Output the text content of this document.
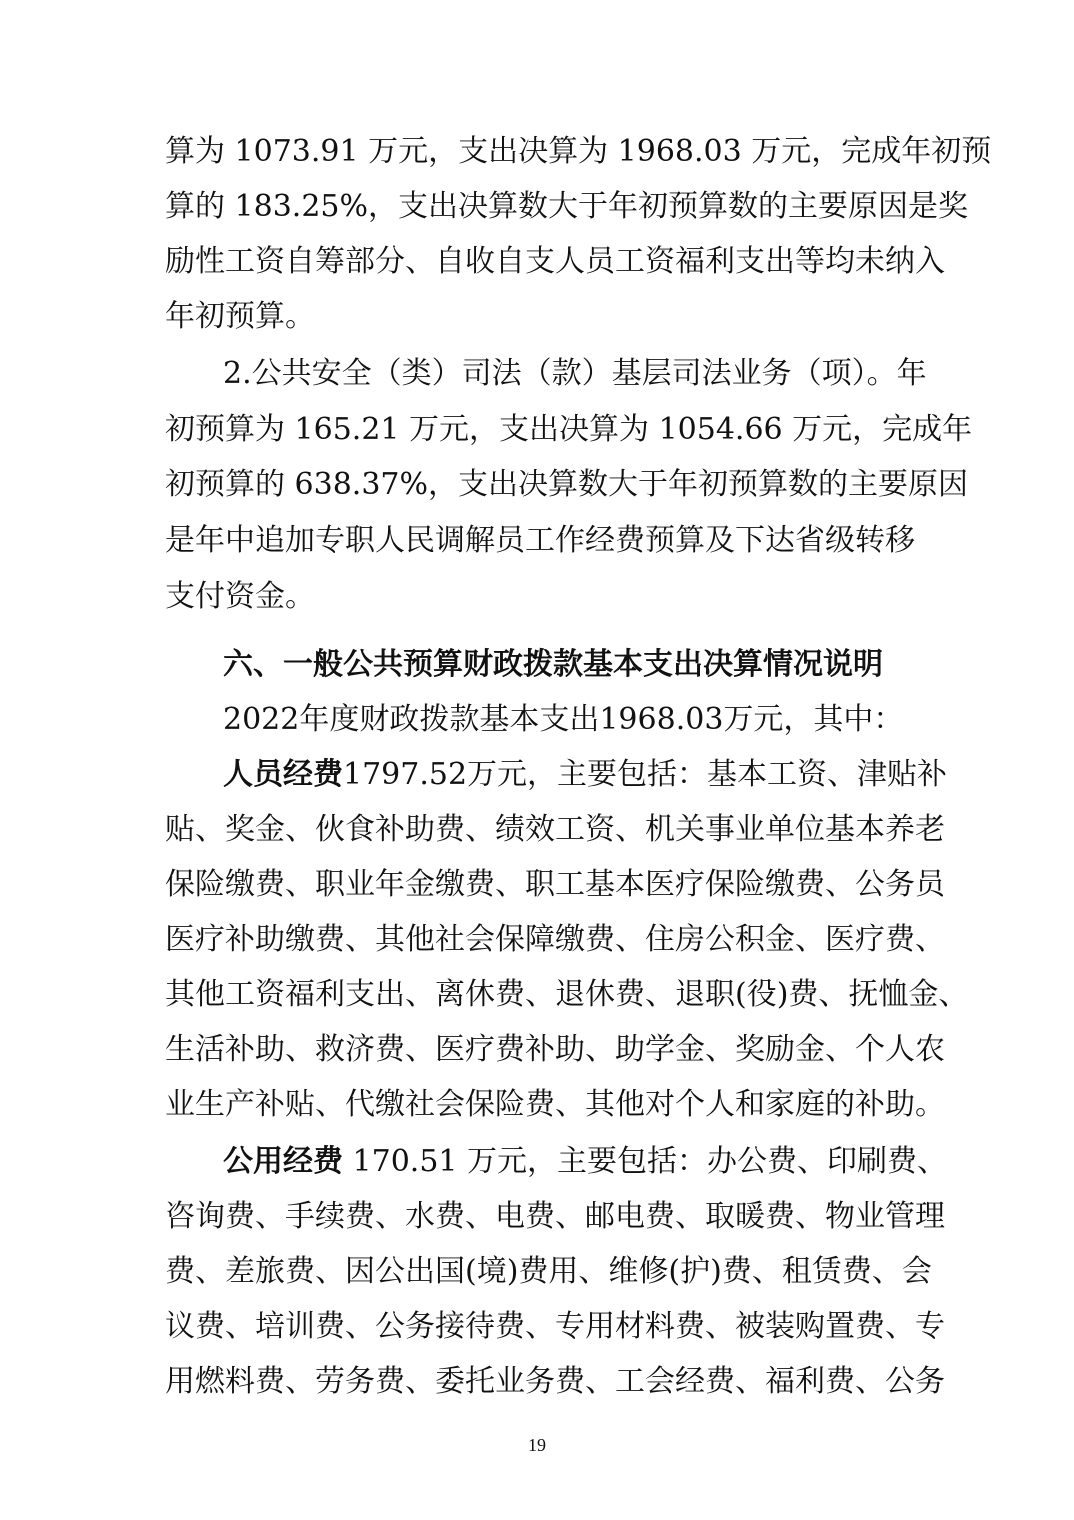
算为 1073.91 万元，支出决算为 1968.03 万元，完成年初预

算的 183.25%，支出决算数大于年初预算数的主要原因是奖

励性工资自筹部分、自收自支人员工资福利支出等均未纳入

年初预算。

2.公共安全（类）司法（款）基层司法业务（项）。年

初预算为 165.21 万元，支出决算为 1054.66 万元，完成年

初预算的 638.37%，支出决算数大于年初预算数的主要原因

是年中追加专职人民调解员工作经费预算及下达省级转移

支付资金。

六、一般公共预算财政拨款基本支出决算情况说明

2022年度财政拨款基本支出1968.03万元，其中：

人员经费1797.52万元，主要包括：基本工资、津贴补

贴、奖金、伙食补助费、绩效工资、机关事业单位基本养老

保险缴费、职业年金缴费、职工基本医疗保险缴费、公务员

医疗补助缴费、其他社会保障缴费、住房公积金、医疗费、

其他工资福利支出、离休费、退休费、退职(役)费、抚恤金、

生活补助、救济费、医疗费补助、助学金、奖励金、个人农

业生产补贴、代缴社会保险费、其他对个人和家庭的补助。

公用经费 170.51 万元，主要包括：办公费、印刷费、

咨询费、手续费、水费、电费、邮电费、取暖费、物业管理

费、差旅费、因公出国(境)费用、维修(护)费、租赁费、会

议费、培训费、公务接待费、专用材料费、被装购置费、专

用燃料费、劳务费、委托业务费、工会经费、福利费、公务

19
